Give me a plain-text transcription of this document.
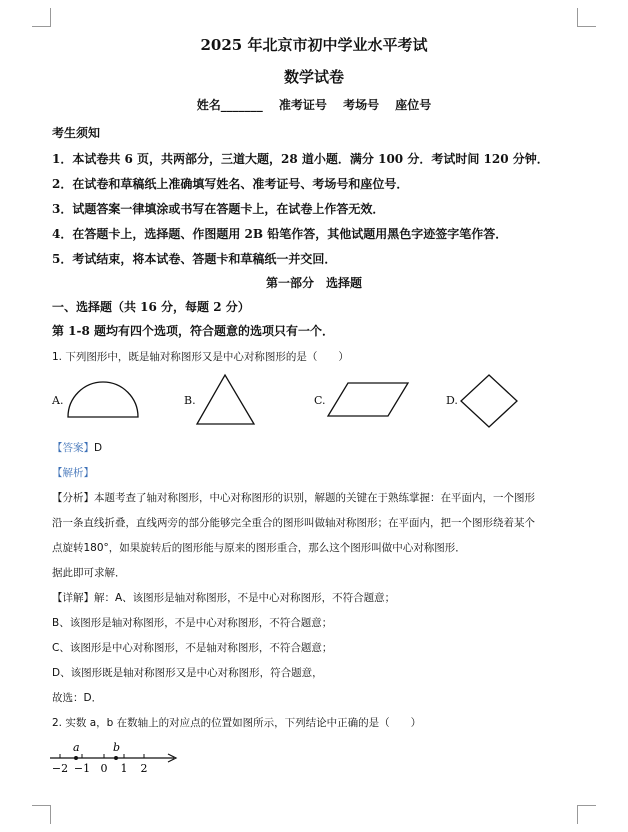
2025 年北京市初中学业水平考试
数学试卷
姓名_______ 准考证号 考场号 座位号
考生须知
1．本试卷共 6 页，共两部分，三道大题，28 道小题．满分 100 分．考试时间 120 分钟．
2．在试卷和草稿纸上准确填写姓名、准考证号、考场号和座位号．
3．试题答案一律填涂或书写在答题卡上，在试卷上作答无效．
4．在答题卡上，选择题、作图题用 2B 铅笔作答，其他试题用黑色字迹签字笔作答．
5．考试结束，将本试卷、答题卡和草稿纸一并交回．
第一部分　选择题
一、选择题（共 16 分，每题 2 分）
第 1-8 题均有四个选项，符合题意的选项只有一个．
1. 下列图形中，既是轴对称图形又是中心对称图形的是（　　）
A.	B.	C.	D.
【答案】D
【解析】
【分析】本题考查了轴对称图形，中心对称图形的识别，解题的关键在于熟练掌握：在平面内，一个图形
沿一条直线折叠，直线两旁的部分能够完全重合的图形叫做轴对称图形；在平面内，把一个图形绕着某个
点旋转180°，如果旋转后的图形能与原来的图形重合，那么这个图形叫做中心对称图形．
据此即可求解．
【详解】解：A、该图形是轴对称图形，不是中心对称图形，不符合题意；
B、该图形是轴对称图形，不是中心对称图形，不符合题意；
C、该图形是中心对称图形，不是轴对称图形，不符合题意；
D、该图形既是轴对称图形又是中心对称图形，符合题意，
故选：D．
2. 实数 a，b 在数轴上的对应点的位置如图所示，下列结论中正确的是（　　）
a	b
−2 −1 0 1 2
